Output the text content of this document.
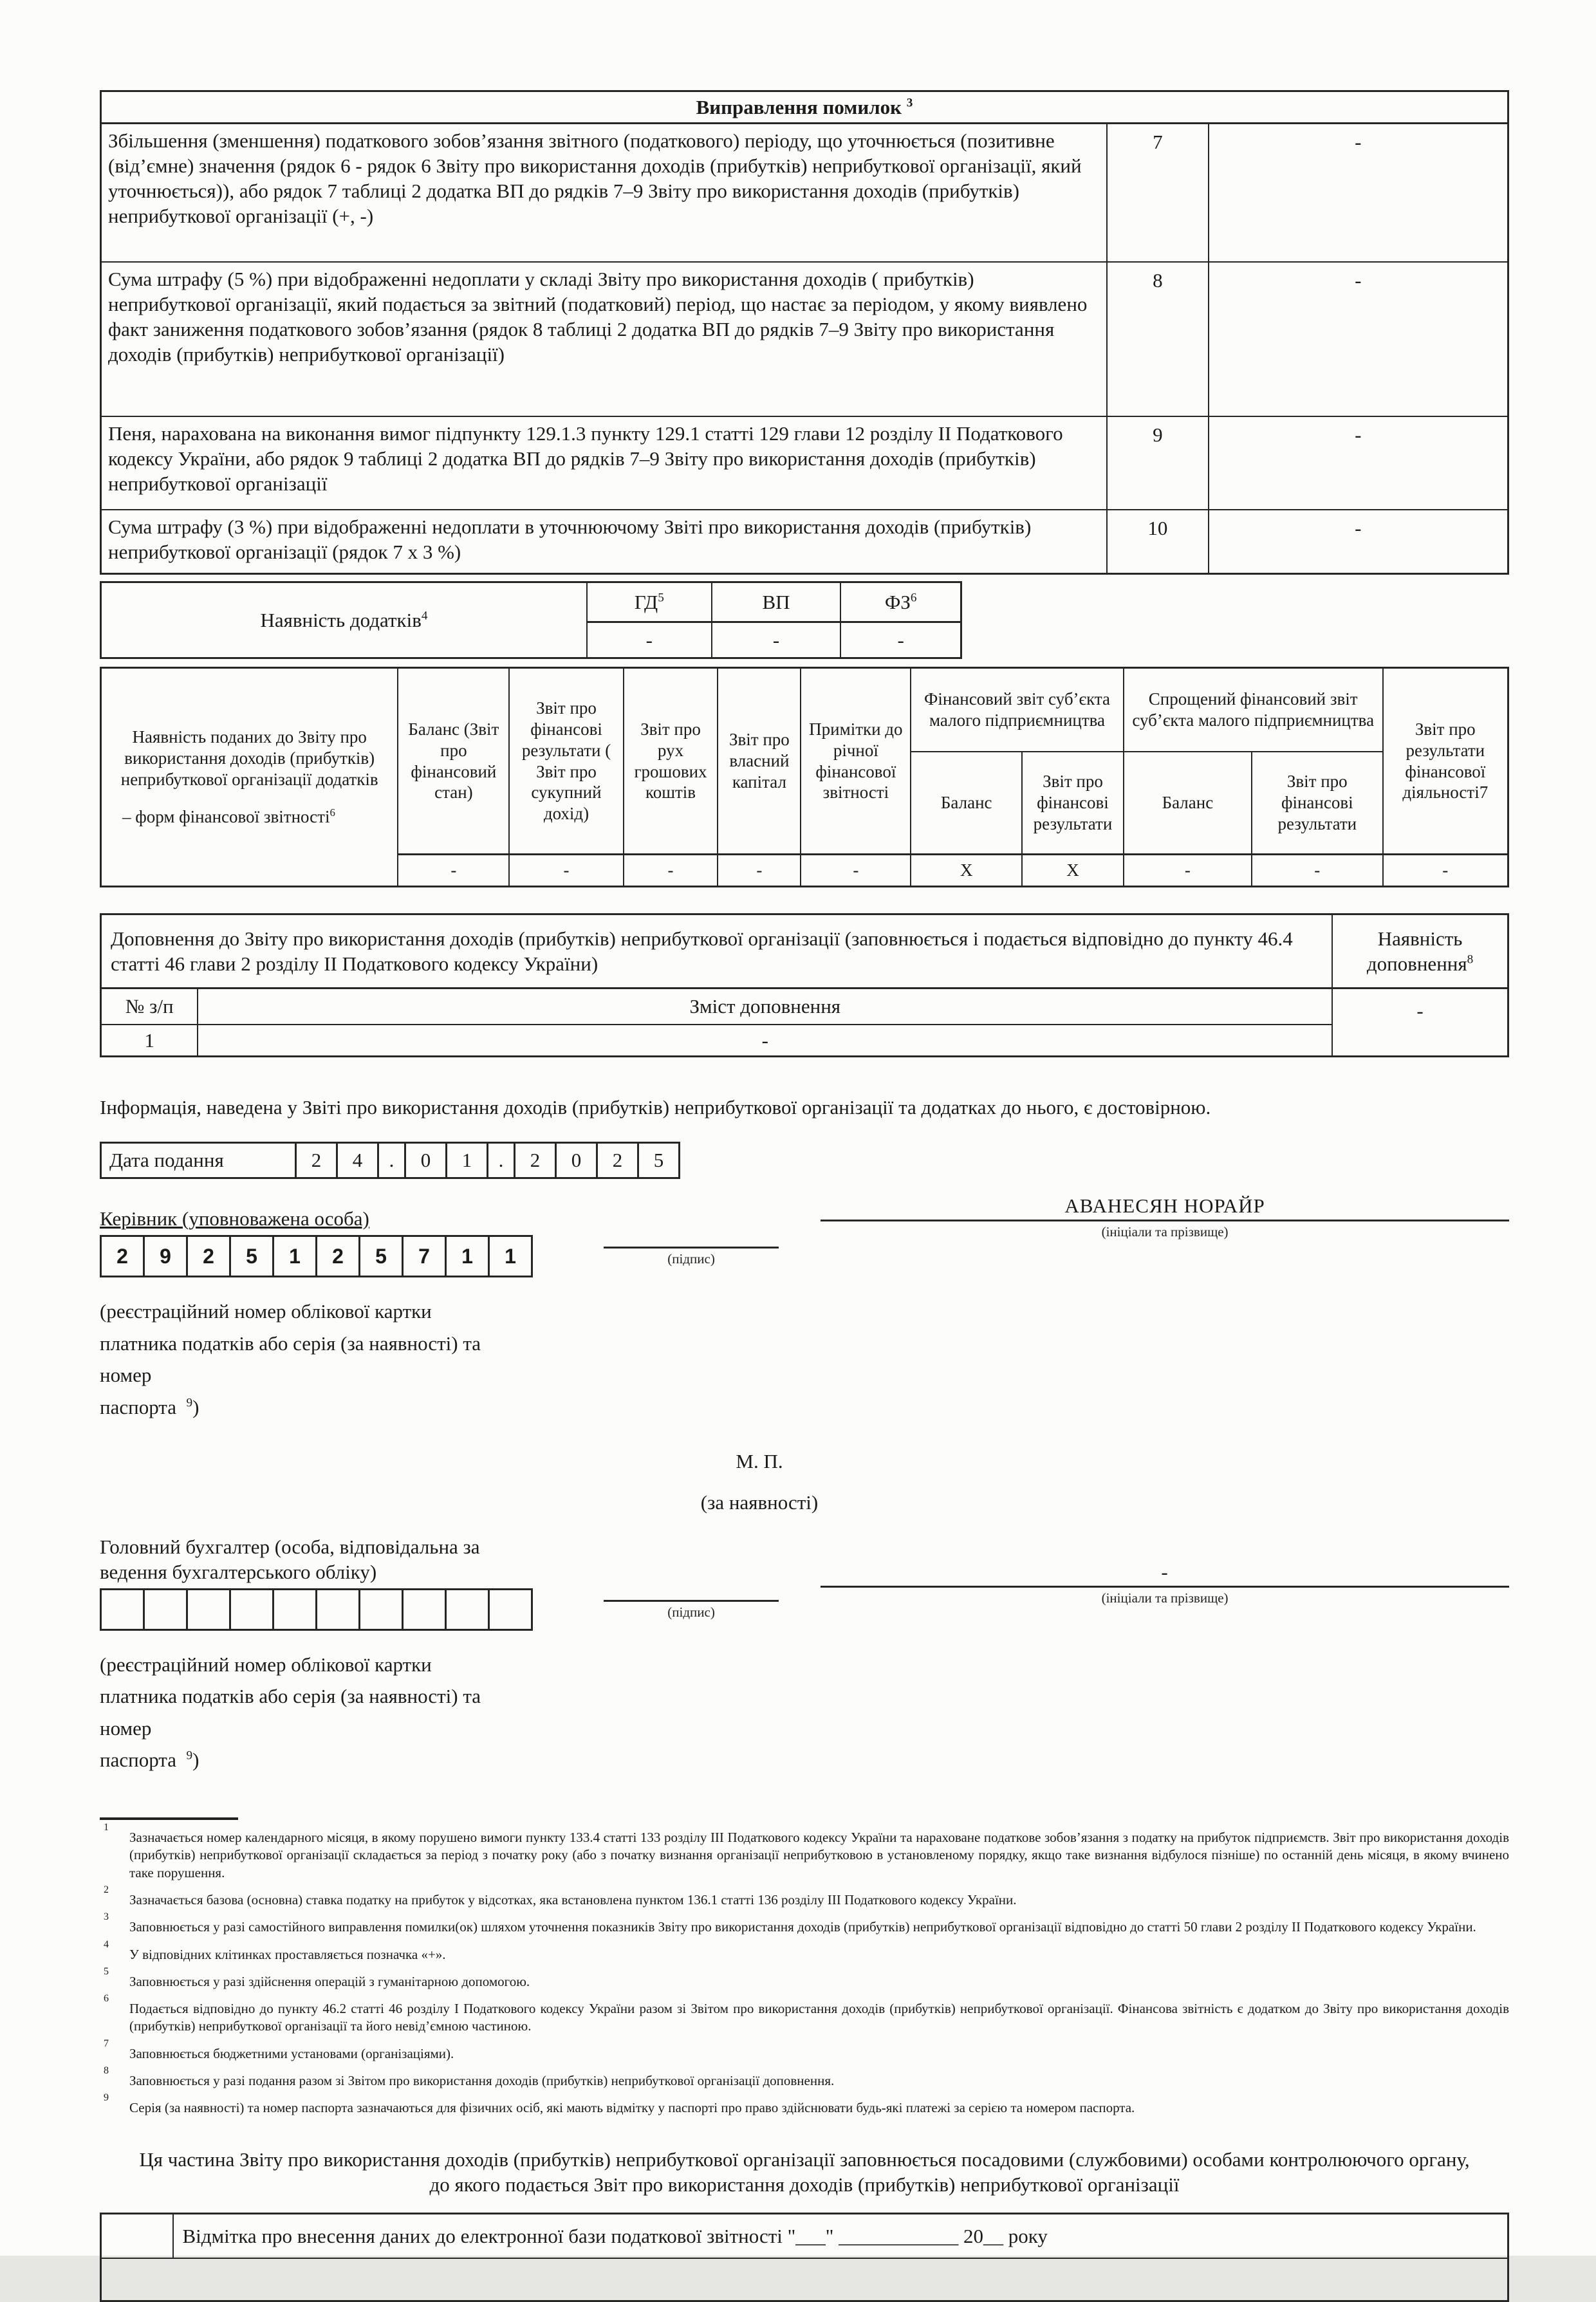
Виправлення помилок $^3$
Збільшення (зменшення) податкового зобов’язання звітного (податкового) періоду, що уточнюється (позитивне (від’ємне) значення (рядок 6 - рядок 6 Звіту про використання доходів (прибутків) неприбуткової організації, який уточнюється)), або рядок 7 таблиці 2 додатка ВП до рядків 7–9 Звіту про використання доходів (прибутків) неприбуткової організації (+, -)	7	-
Сума штрафу (5 %) при відображенні недоплати у складі Звіту про використання доходів ( прибутків) неприбуткової організації, який подається за звітний (податковий) період, що настає за періодом, у якому виявлено факт заниження податкового зобов’язання (рядок 8 таблиці 2 додатка ВП до рядків 7–9 Звіту про використання доходів (прибутків) неприбуткової організації)	8	-
Пеня, нарахована на виконання вимог підпункту 129.1.3 пункту 129.1 статті 129 глави 12 розділу ІІ Податкового кодексу України, або рядок 9 таблиці 2 додатка ВП до рядків 7–9 Звіту про використання доходів (прибутків) неприбуткової організації	9	-
Сума штрафу (3 %) при відображенні недоплати в уточнюючому Звіті про використання доходів (прибутків) неприбуткової організації (рядок 7 х 3 %)	10	-
Наявність додатків$^4$	$ГД^5$	ВП	$ФЗ^6$
	-	-	-
Наявність поданих до Звіту про використання доходів (прибутків) неприбуткової організації додатків
– форм фінансової звітності$^6$	Баланс (Звіт про фінансовий стан)	Звіт про фінансові результати ( Звіт про сукупний дохід)	Звіт про рух грошових коштів	Звіт про власний капітал	Примітки до річної фінансової звітності	Фінансовий звіт суб’єкта малого підприємництва		Спрощений фінансовий звіт суб’єкта малого підприємництва		Звіт про результати фінансової діяльності7
						Баланс	Звіт про фінансові результати	Баланс	Звіт про фінансові результати	
	-	-	-	-	-	X	X	-	-	-
Доповнення до Звіту про використання доходів (прибутків) неприбуткової організації (заповнюється і подається відповідно до пункту 46.4 статті 46 глави 2 розділу ІІ Податкового кодексу України)		Наявність
доповнення$^8$

№ з/п	Зміст доповнення	-
1	-	
Інформація, наведена у Звіті про використання доходів (прибутків) неприбуткової організації та додатках до нього, є достовірною.
Дата подання	2	4	.	0	1	.	2	0	2	5
Керівник (уповноважена особа)
2	9	2	5	1	2	5	7	1	1
(реєстраційний номер облікової картки
платника податків або серія (за наявності) та номер
паспорта $^9$)
(підпис)
АВАНЕСЯН НОРАЙР
(ініціали та прізвище)
М. П.
(за наявності)
Головний бухгалтер (особа, відповідальна за
ведення бухгалтерського обліку)
(реєстраційний номер облікової картки
платника податків або серія (за наявності) та номер
паспорта $^9$)
(підпис)
-
(ініціали та прізвище)
1
Зазначається номер календарного місяця, в якому порушено вимоги пункту 133.4 статті 133 розділу ІІІ Податкового кодексу України та нараховане податкове зобов’язання з податку на прибуток підприємств. Звіт про використання доходів (прибутків) неприбуткової організації складається за період з початку року (або з початку визнання організації неприбутковою в установленому порядку, якщо таке визнання відбулося пізніше) по останній день місяця, в якому вчинено таке порушення.
2
Зазначається базова (основна) ставка податку на прибуток у відсотках, яка встановлена пунктом 136.1 статті 136 розділу ІІІ Податкового кодексу України.
3
Заповнюється у разі самостійного виправлення помилки(ок) шляхом уточнення показників Звіту про використання доходів (прибутків) неприбуткової організації відповідно до статті 50 глави 2 розділу ІІ Податкового кодексу України.
4
У відповідних клітинках проставляється позначка «+».
5
Заповнюється у разі здійснення операцій з гуманітарною допомогою.
6
Подається відповідно до пункту 46.2 статті 46 розділу І Податкового кодексу України разом зі Звітом про використання доходів (прибутків) неприбуткової організації. Фінансова звітність є додатком до Звіту про використання доходів (прибутків) неприбуткової організації та його невід’ємною частиною.
7
Заповнюється бюджетними установами (організаціями).
8
Заповнюється у разі подання разом зі Звітом про використання доходів (прибутків) неприбуткової організації доповнення.
9
Серія (за наявності) та номер паспорта зазначаються для фізичних осіб, які мають відмітку у паспорті про право здійснювати будь-які платежі за серією та номером паспорта.
Ця частина Звіту про використання доходів (прибутків) неприбуткової організації заповнюється посадовими (службовими) особами контролюючого органу, до якого подається Звіт про використання доходів (прибутків) неприбуткової організації
	Відмітка про внесення даних до електронної бази податкової звітності "___" ____________ 20__ року
